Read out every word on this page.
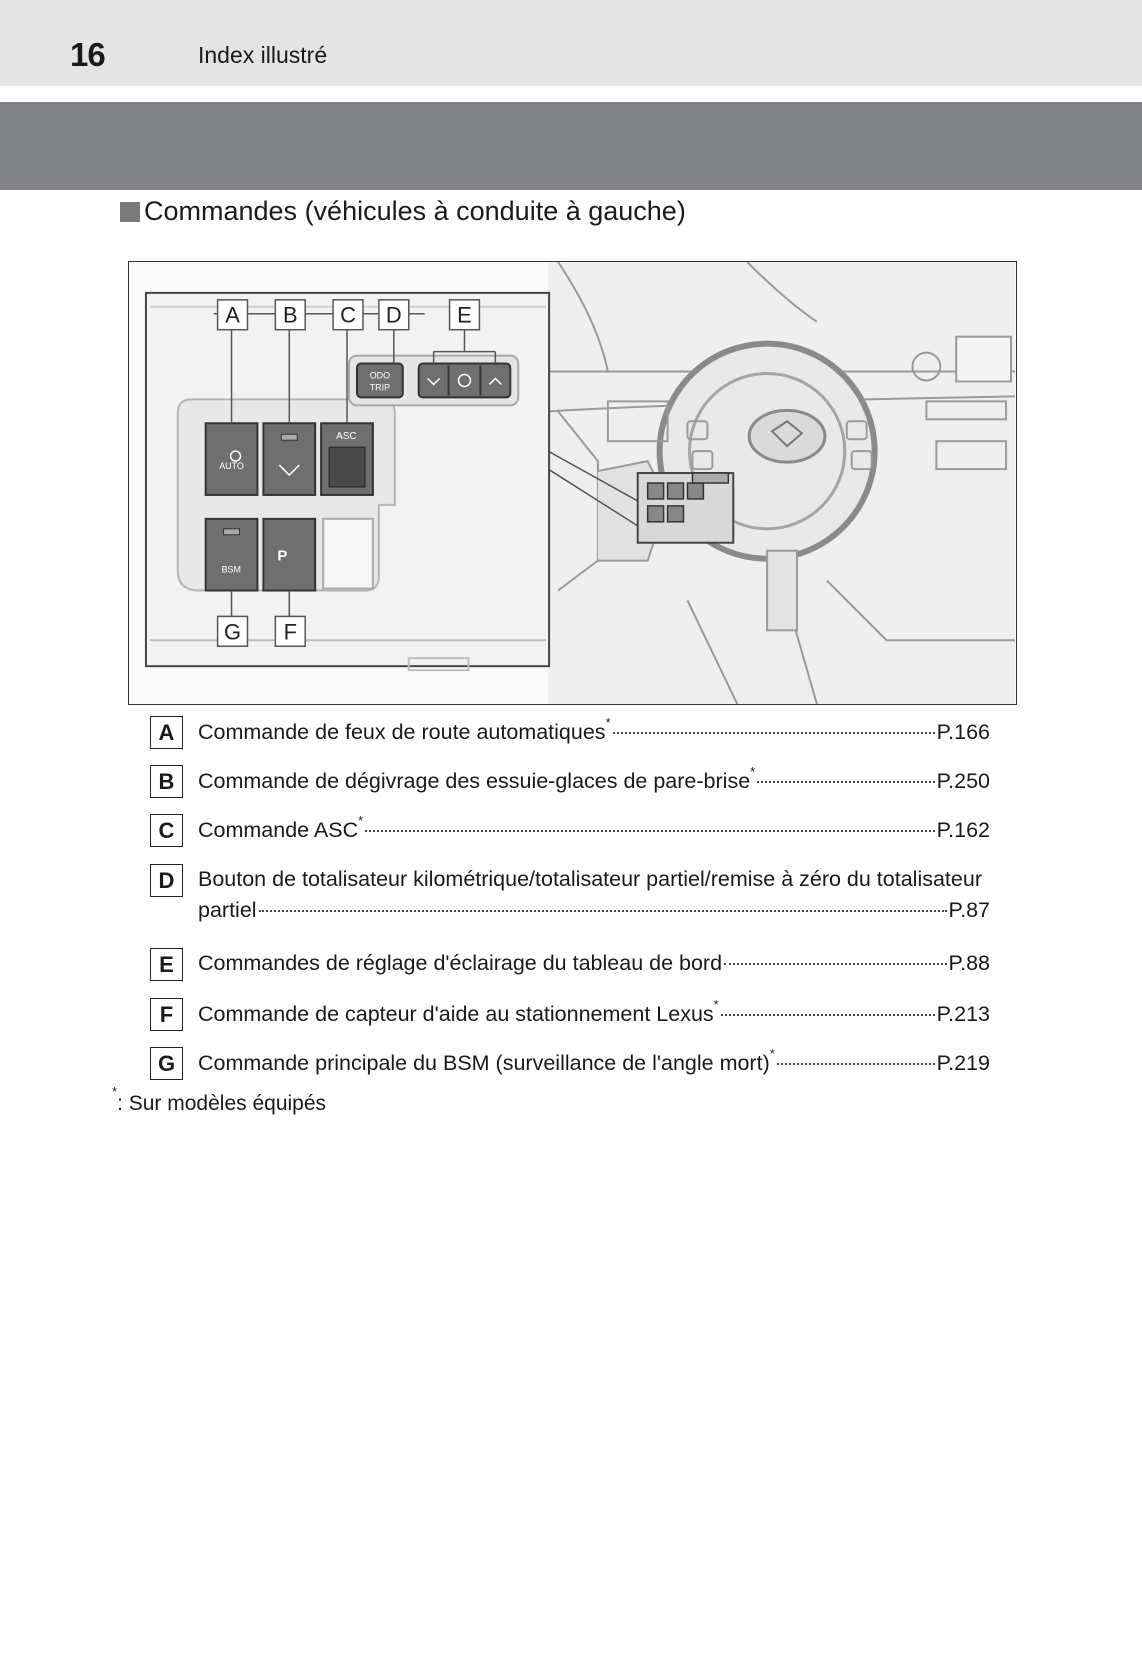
16	Index illustré
Commandes (véhicules à conduite à gauche)
AUTO
ASC
BSM
P
ODO
TRIP
A B C D	E
F
G
A	Commande de feux de route automatiques*	P.166
B	Commande de dégivrage des essuie-glaces de pare-brise*	P.250
C	Commande ASC*	P.162
D	Bouton de totalisateur kilométrique/totalisateur partiel/remise à zéro du totalisateur
partiel	P.87
E	Commandes de réglage d'éclairage du tableau de bord	P.88
F	Commande de capteur d'aide au stationnement Lexus*	P.213
G	Commande principale du BSM (surveillance de l'angle mort)*	P.219
*: Sur modèles équipés
